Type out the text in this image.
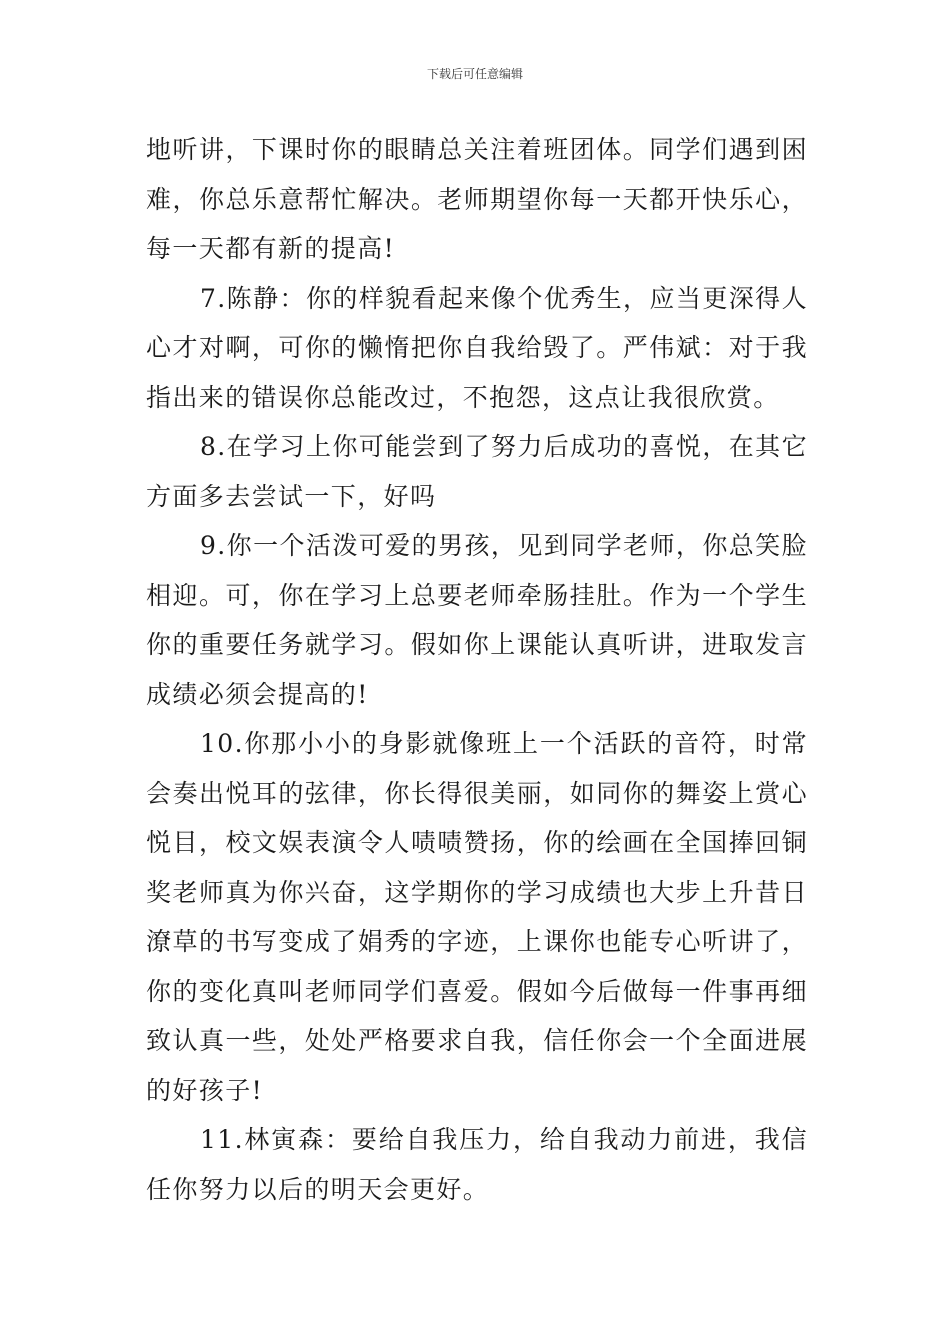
下载后可任意编辑

地听讲，下课时你的眼睛总关注着班团体。同学们遇到困难，你总乐意帮忙解决。老师期望你每一天都开快乐心，每一天都有新的提高!

7.陈静：你的样貌看起来像个优秀生，应当更深得人心才对啊，可你的懒惰把你自我给毁了。严伟斌：对于我指出来的错误你总能改过，不抱怨，这点让我很欣赏。

8.在学习上你可能尝到了努力后成功的喜悦，在其它方面多去尝试一下，好吗

9.你一个活泼可爱的男孩，见到同学老师，你总笑脸相迎。可，你在学习上总要老师牵肠挂肚。作为一个学生你的重要任务就学习。假如你上课能认真听讲，进取发言成绩必须会提高的!

10.你那小小的身影就像班上一个活跃的音符，时常会奏出悦耳的弦律，你长得很美丽，如同你的舞姿上赏心悦目，校文娱表演令人啧啧赞扬，你的绘画在全国捧回铜奖老师真为你兴奋，这学期你的学习成绩也大步上升昔日潦草的书写变成了娟秀的字迹，上课你也能专心听讲了，你的变化真叫老师同学们喜爱。假如今后做每一件事再细致认真一些，处处严格要求自我，信任你会一个全面进展的好孩子!

11.林寅森：要给自我压力，给自我动力前进，我信任你努力以后的明天会更好。
